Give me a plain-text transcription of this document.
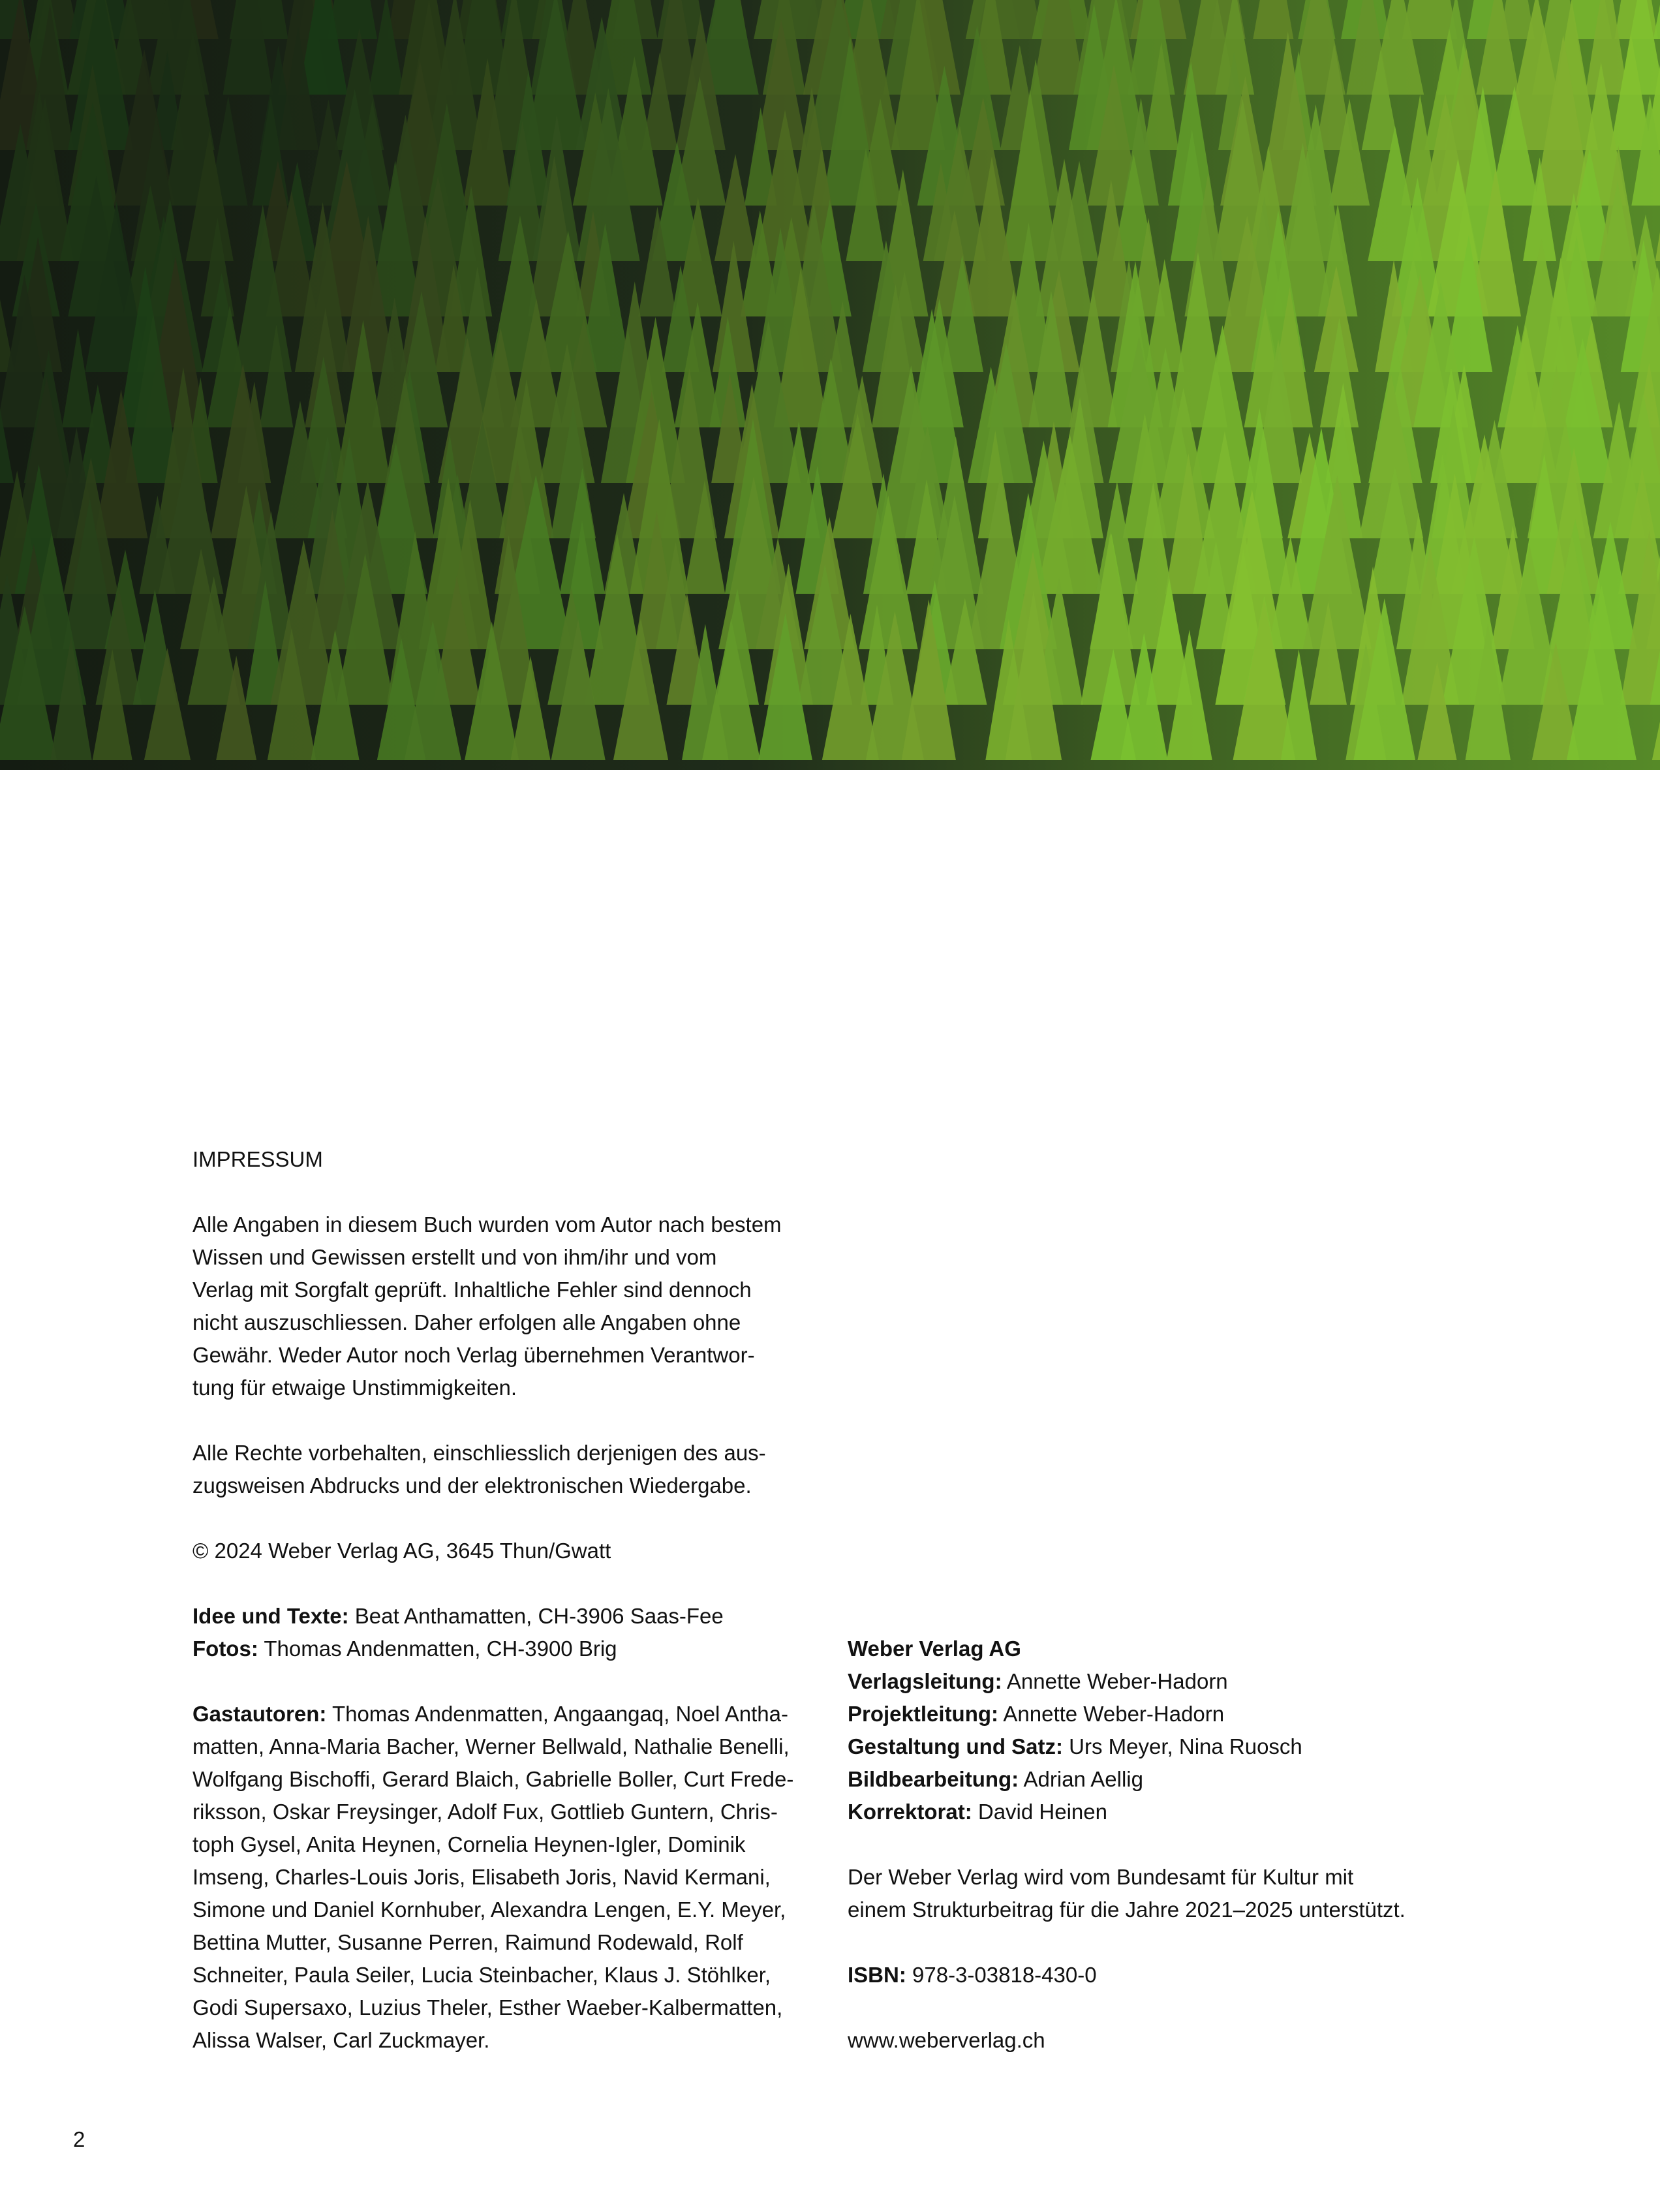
IMPRESSUM

Alle Angaben in diesem Buch wurden vom Autor nach bestem

Wissen und Gewissen erstellt und von ihm/ihr und vom

Verlag mit Sorgfalt geprüft. Inhaltliche Fehler sind dennoch

nicht auszuschliessen. Daher erfolgen alle Angaben ohne

Gewähr. Weder Autor noch Verlag übernehmen Verantwor-

tung für etwaige Unstimmigkeiten.

Alle Rechte vorbehalten, einschliesslich derjenigen des aus-

zugsweisen Abdrucks und der elektronischen Wiedergabe.

© 2024 Weber Verlag AG, 3645 Thun/Gwatt

Idee und Texte: Beat Anthamatten, CH-3906 Saas-Fee

Fotos: Thomas Andenmatten, CH-3900 Brig

Gastautoren: Thomas Andenmatten, Angaangaq, Noel Antha-

matten, Anna-Maria Bacher, Werner Bellwald, Nathalie Benelli,

Wolfgang Bischoffi, Gerard Blaich, Gabrielle Boller, Curt Frede-

riksson, Oskar Freysinger, Adolf Fux, Gottlieb Guntern, Chris-

toph Gysel, Anita Heynen, Cornelia Heynen-Igler, Dominik

Imseng, Charles-Louis Joris, Elisabeth Joris, Navid Kermani,

Simone und Daniel Kornhuber, Alexandra Lengen, E.Y. Meyer,

Bettina Mutter, Susanne Perren, Raimund Rodewald, Rolf

Schneiter, Paula Seiler, Lucia Steinbacher, Klaus J. Stöhlker,

Godi Supersaxo, Luzius Theler, Esther Waeber-Kalbermatten,

Alissa Walser, Carl Zuckmayer.

Weber Verlag AG

Verlagsleitung: Annette Weber-Hadorn

Projektleitung: Annette Weber-Hadorn

Gestaltung und Satz: Urs Meyer, Nina Ruosch

Bildbearbeitung: Adrian Aellig

Korrektorat: David Heinen

Der Weber Verlag wird vom Bundesamt für Kultur mit

einem Strukturbeitrag für die Jahre 2021–2025 unterstützt.

ISBN: 978-3-03818-430-0

www.weberverlag.ch

2
